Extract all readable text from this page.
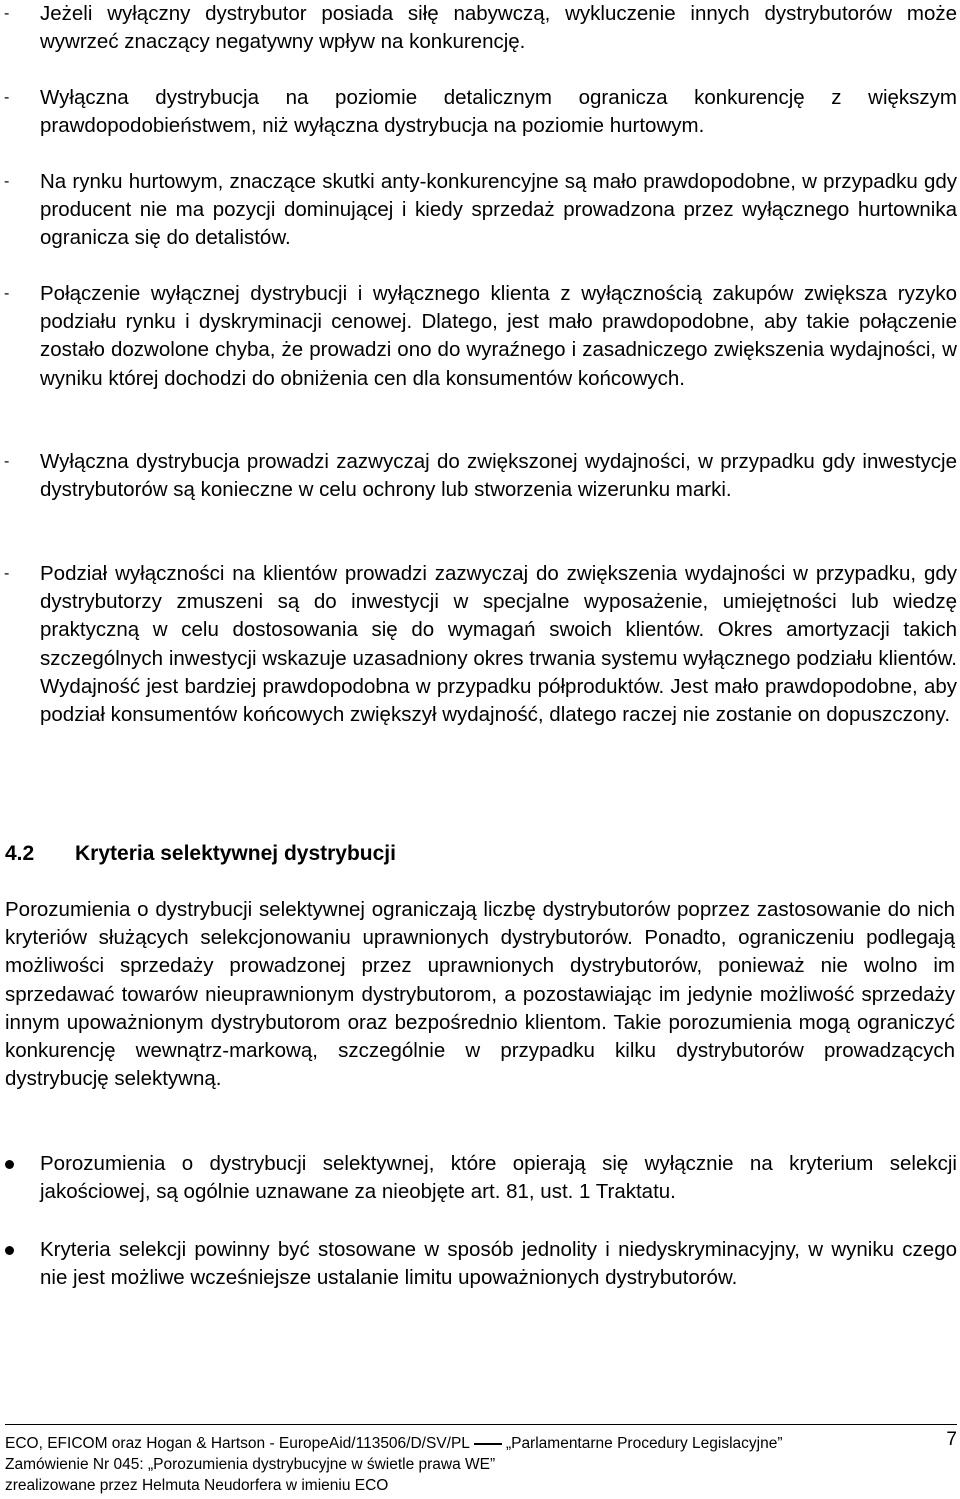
- Jeżeli wyłączny dystrybutor posiada siłę nabywczą, wykluczenie innych dystrybutorów może wywrzeć znaczący negatywny wpływ na konkurencję.
- Wyłączna dystrybucja na poziomie detalicznym ogranicza konkurencję z większym prawdopodobieństwem, niż wyłączna dystrybucja na poziomie hurtowym.
- Na rynku hurtowym, znaczące skutki anty-konkurencyjne są mało prawdopodobne, w przypadku gdy producent nie ma pozycji dominującej i kiedy sprzedaż prowadzona przez wyłącznego hurtownika ogranicza się do detalistów.
- Połączenie wyłącznej dystrybucji i wyłącznego klienta z wyłącznością zakupów zwiększa ryzyko podziału rynku i dyskryminacji cenowej. Dlatego, jest mało prawdopodobne, aby takie połączenie zostało dozwolone chyba, że prowadzi ono do wyraźnego i zasadniczego zwiększenia wydajności, w wyniku której dochodzi do obniżenia cen dla konsumentów końcowych.
- Wyłączna dystrybucja prowadzi zazwyczaj do zwiększonej wydajności, w przypadku gdy inwestycje dystrybutorów są konieczne w celu ochrony lub stworzenia wizerunku marki.
- Podział wyłączności na klientów prowadzi zazwyczaj do zwiększenia wydajności w przypadku, gdy dystrybutorzy zmuszeni są do inwestycji w specjalne wyposażenie, umiejętności lub wiedzę praktyczną w celu dostosowania się do wymagań swoich klientów. Okres amortyzacji takich szczególnych inwestycji wskazuje uzasadniony okres trwania systemu wyłącznego podziału klientów. Wydajność jest bardziej prawdopodobna w przypadku półproduktów. Jest mało prawdopodobne, aby podział konsumentów końcowych zwiększył wydajność, dlatego raczej nie zostanie on dopuszczony.
4.2 Kryteria selektywnej dystrybucji
Porozumienia o dystrybucji selektywnej ograniczają liczbę dystrybutorów poprzez zastosowanie do nich kryteriów służących selekcjonowaniu uprawnionych dystrybutorów. Ponadto, ograniczeniu podlegają możliwości sprzedaży prowadzonej przez uprawnionych dystrybutorów, ponieważ nie wolno im sprzedawać towarów nieuprawnionym dystrybutorom, a pozostawiając im jedynie możliwość sprzedaży innym upoważnionym dystrybutorom oraz bezpośrednio klientom. Takie porozumienia mogą ograniczyć konkurencję wewnątrz-markową, szczególnie w przypadku kilku dystrybutorów prowadzących dystrybucję selektywną.
Porozumienia o dystrybucji selektywnej, które opierają się wyłącznie na kryterium selekcji jakościowej, są ogólnie uznawane za nieobjęte art. 81, ust. 1 Traktatu.
Kryteria selekcji powinny być stosowane w sposób jednolity i niedyskryminacyjny, w wyniku czego nie jest możliwe wcześniejsze ustalanie limitu upoważnionych dystrybutorów.
ECO, EFICOM oraz Hogan & Hartson - EuropeAid/113506/D/SV/PL „Parlamentarne Procedury Legislacyjne”
Zamówienie Nr 045: „Porozumienia dystrybucyjne w świetle prawa WE”
zrealizowane przez Helmuta Neudorfera w imieniu ECO
7
